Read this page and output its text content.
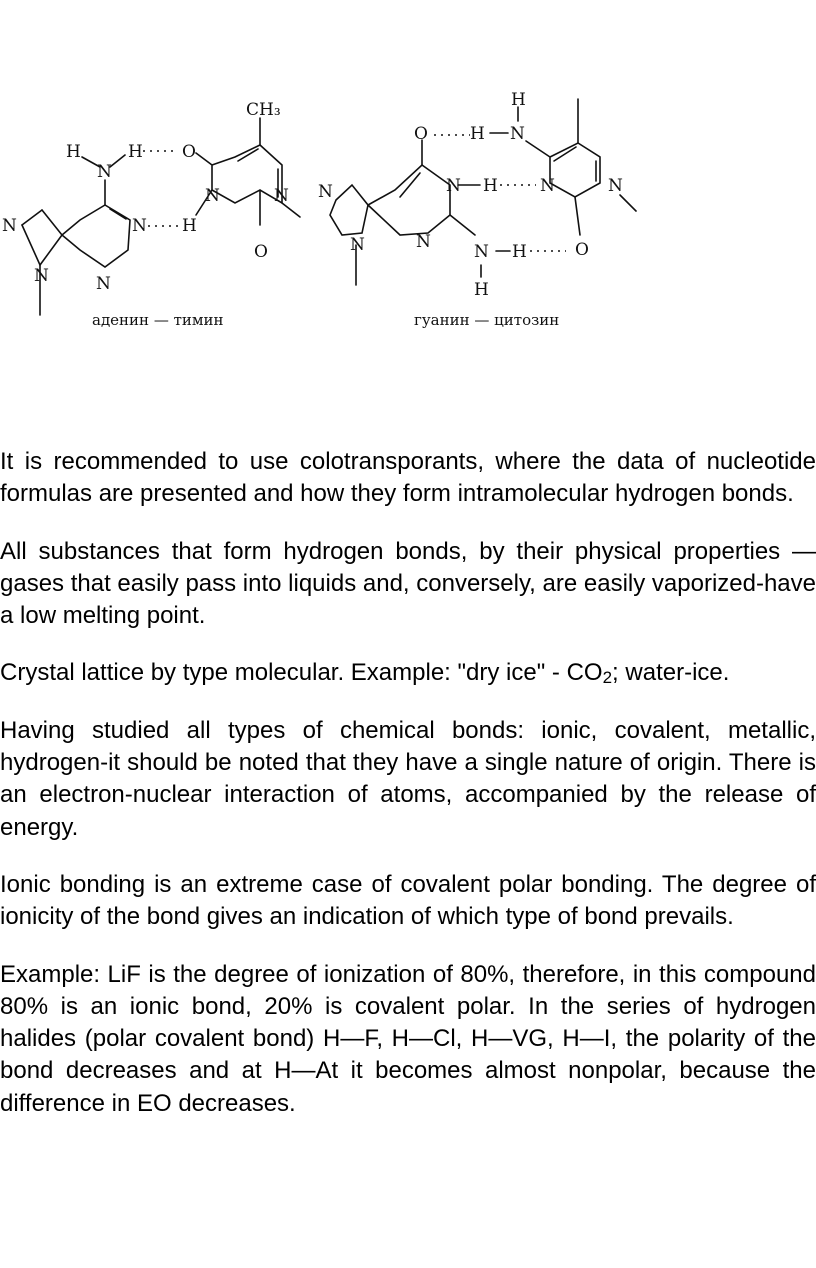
N
N	N
N
N
H	H O
N	N
H
O
CH₃
аденин — тимин
N
N	N
N H
O
N H
H
H N
H
N	N
O
гуанин — цитозин

It is recommended to use colotransporants, where the data of nucleotide formulas are presented and how they form intramolecular hydrogen bonds.

All substances that form hydrogen bonds, by their physical properties — gases that easily pass into liquids and, conversely, are easily vaporized-have a low melting point.

Crystal lattice by type molecular. Example: "dry ice" - $CO_2$; water-ice.

Having studied all types of chemical bonds: ionic, covalent, metallic, hydrogen-it should be noted that they have a single nature of origin. There is an electron-nuclear interaction of atoms, accompanied by the release of energy.

Ionic bonding is an extreme case of covalent polar bonding. The degree of ionicity of the bond gives an indication of which type of bond prevails.

Example: LiF is the degree of ionization of 80%, therefore, in this compound 80% is an ionic bond, 20% is covalent polar. In the series of hydrogen halides (polar covalent bond) H—F, H—Cl, H—VG, H—I, the polarity of the bond decreases and at H—At it becomes almost nonpolar, because the difference in EO decreases.
